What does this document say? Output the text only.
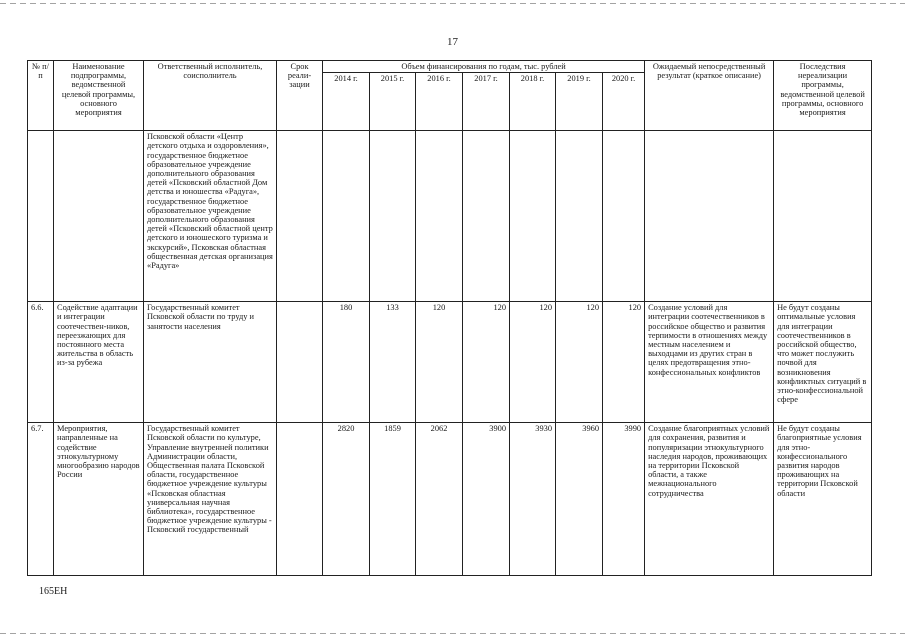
17
№ п/п	Наименование подпрограммы, ведомственной целевой программы, основного мероприятия	Ответственный исполнитель, соисполнитель	Срок реали-зации	Объем финансирования по годам, тыс. рублей							Ожидаемый непосредственный результат (краткое описание)	Последствия нереализации программы, ведомственной целевой программы, основного мероприятия
				2014 г.	2015 г.	2016 г.	2017 г.	2018 г.	2019 г.	2020 г.		
		Псковской области «Центр детского отдыха и оздоровления», государственное бюджетное образовательное учреждение дополнительного образования детей «Псковский областной Дом детства и юношества «Радуга», государственное бюджетное образовательное учреждение дополнительного образования детей «Псковский областной центр детского и юношеского туризма и экскурсий», Псковская областная общественная детская организация «Радуга»										
6.6.	Содействие адаптации и интеграции соотечествен-ников, переезжающих для постоянного места жительства в область из-за рубежа	Государственный комитет Псковской области по труду и занятости населения		180	133	120	120	120	120	120	Создание условий для интеграции соотечественников в российское общество и развития терпимости в отношениях между местным населением и выходцами из других стран в целях предотвращения этно-конфессиональных конфликтов	Не будут созданы оптимальные условия для интеграции соотечественников в российской общество, что может послужить почвой для возникновения конфликтных ситуаций в этно-конфессиональной сфере
6.7.	Мероприятия, направленные на содействие этнокультурному многообразию народов России	Государственный комитет Псковской области по культуре, Управление внутренней политики Администрации области, Общественная палата Псковской области, государственное бюджетное учреждение культуры «Псковская областная универсальная научная библиотека», государственное бюджетное учреждение культуры - Псковский государственный		2820	1859	2062	3900	3930	3960	3990	Создание благоприятных условий для сохранения, развития и популяризации этнокультурного наследия народов, проживающих на территории Псковской области, а также межнационального сотрудничества	Не будут созданы благоприятные условия для этно-конфессионального развития народов проживающих на территории Псковской области
165ЕН
